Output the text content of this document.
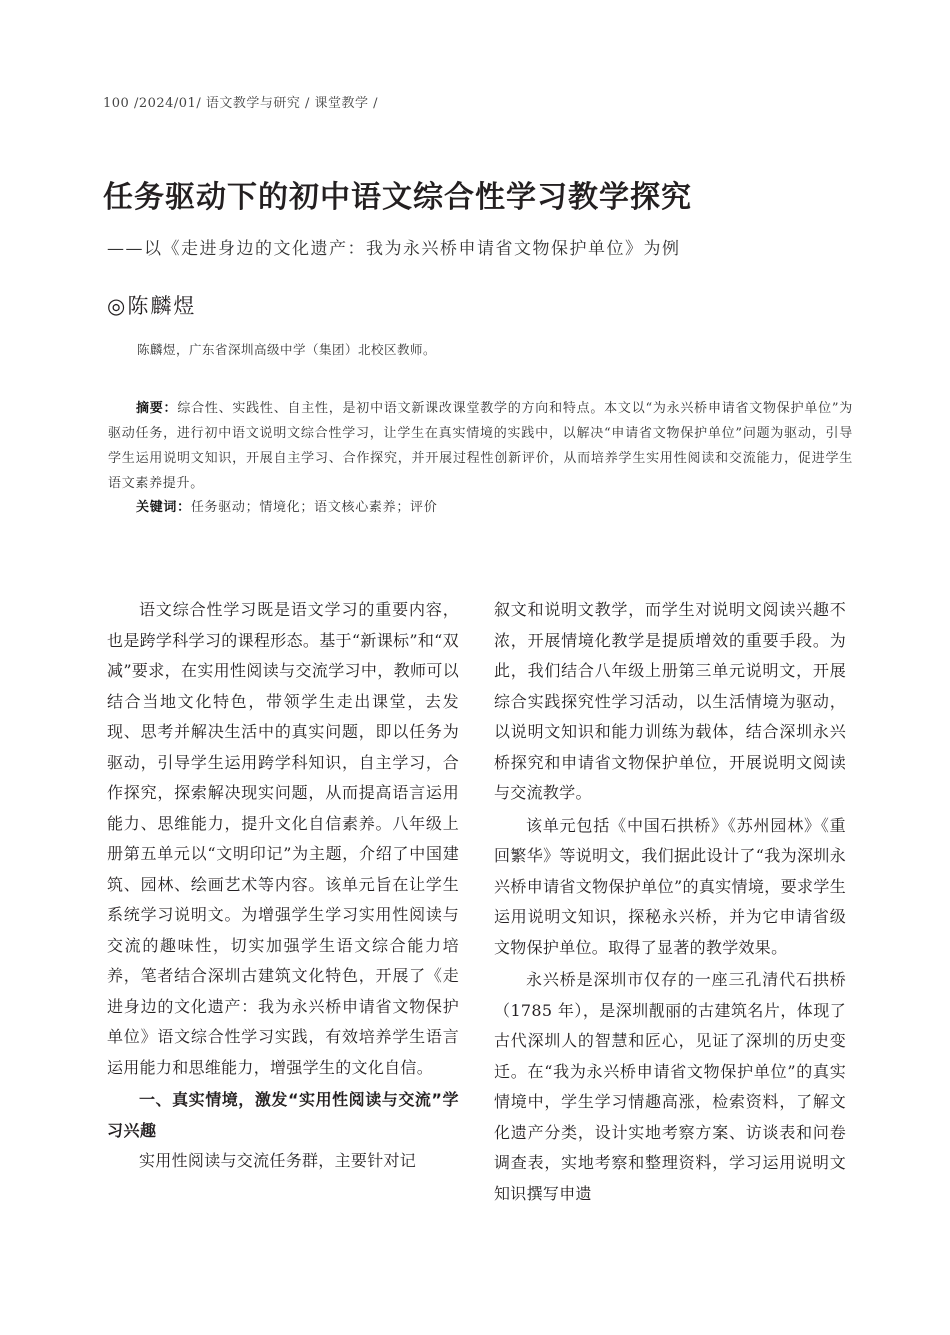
100 /2024/01/ 语文教学与研究 / 课堂教学 /
任务驱动下的初中语文综合性学习教学探究
——以《走进身边的文化遗产：我为永兴桥申请省文物保护单位》为例
◎陈麟煜
陈麟煜，广东省深圳高级中学（集团）北校区教师。

摘要：综合性、实践性、自主性，是初中语文新课改课堂教学的方向和特点。本文以“为永兴桥申请省文物保护单位”为驱动任务，进行初中语文说明文综合性学习，让学生在真实情境的实践中，以解决“申请省文物保护单位”问题为驱动，引导学生运用说明文知识，开展自主学习、合作探究，并开展过程性创新评价，从而培养学生实用性阅读和交流能力，促进学生语文素养提升。

关键词：任务驱动；情境化；语文核心素养；评价

语文综合性学习既是语文学习的重要内容，也是跨学科学习的课程形态。基于“新课标”和“双减”要求，在实用性阅读与交流学习中，教师可以结合当地文化特色，带领学生走出课堂，去发现、思考并解决生活中的真实问题，即以任务为驱动，引导学生运用跨学科知识，自主学习，合作探究，探索解决现实问题，从而提高语言运用能力、思维能力，提升文化自信素养。八年级上册第五单元以“文明印记”为主题，介绍了中国建筑、园林、绘画艺术等内容。该单元旨在让学生系统学习说明文。为增强学生学习实用性阅读与交流的趣味性，切实加强学生语文综合能力培养，笔者结合深圳古建筑文化特色，开展了《走进身边的文化遗产：我为永兴桥申请省文物保护单位》语文综合性学习实践，有效培养学生语言运用能力和思维能力，增强学生的文化自信。

一、真实情境，激发“实用性阅读与交流”学习兴趣

实用性阅读与交流任务群，主要针对记

叙文和说明文教学，而学生对说明文阅读兴趣不浓，开展情境化教学是提质增效的重要手段。为此，我们结合八年级上册第三单元说明文，开展综合实践探究性学习活动，以生活情境为驱动，以说明文知识和能力训练为载体，结合深圳永兴桥探究和申请省文物保护单位，开展说明文阅读与交流教学。

该单元包括《中国石拱桥》《苏州园林》《重回繁华》等说明文，我们据此设计了“我为深圳永兴桥申请省文物保护单位”的真实情境，要求学生运用说明文知识，探秘永兴桥，并为它申请省级文物保护单位。取得了显著的教学效果。

永兴桥是深圳市仅存的一座三孔清代石拱桥（1785 年），是深圳靓丽的古建筑名片，体现了古代深圳人的智慧和匠心，见证了深圳的历史变迁。在“我为永兴桥申请省文物保护单位”的真实情境中，学生学习情趣高涨，检索资料，了解文化遗产分类，设计实地考察方案、访谈表和问卷调查表，实地考察和整理资料，学习运用说明文知识撰写申遗
